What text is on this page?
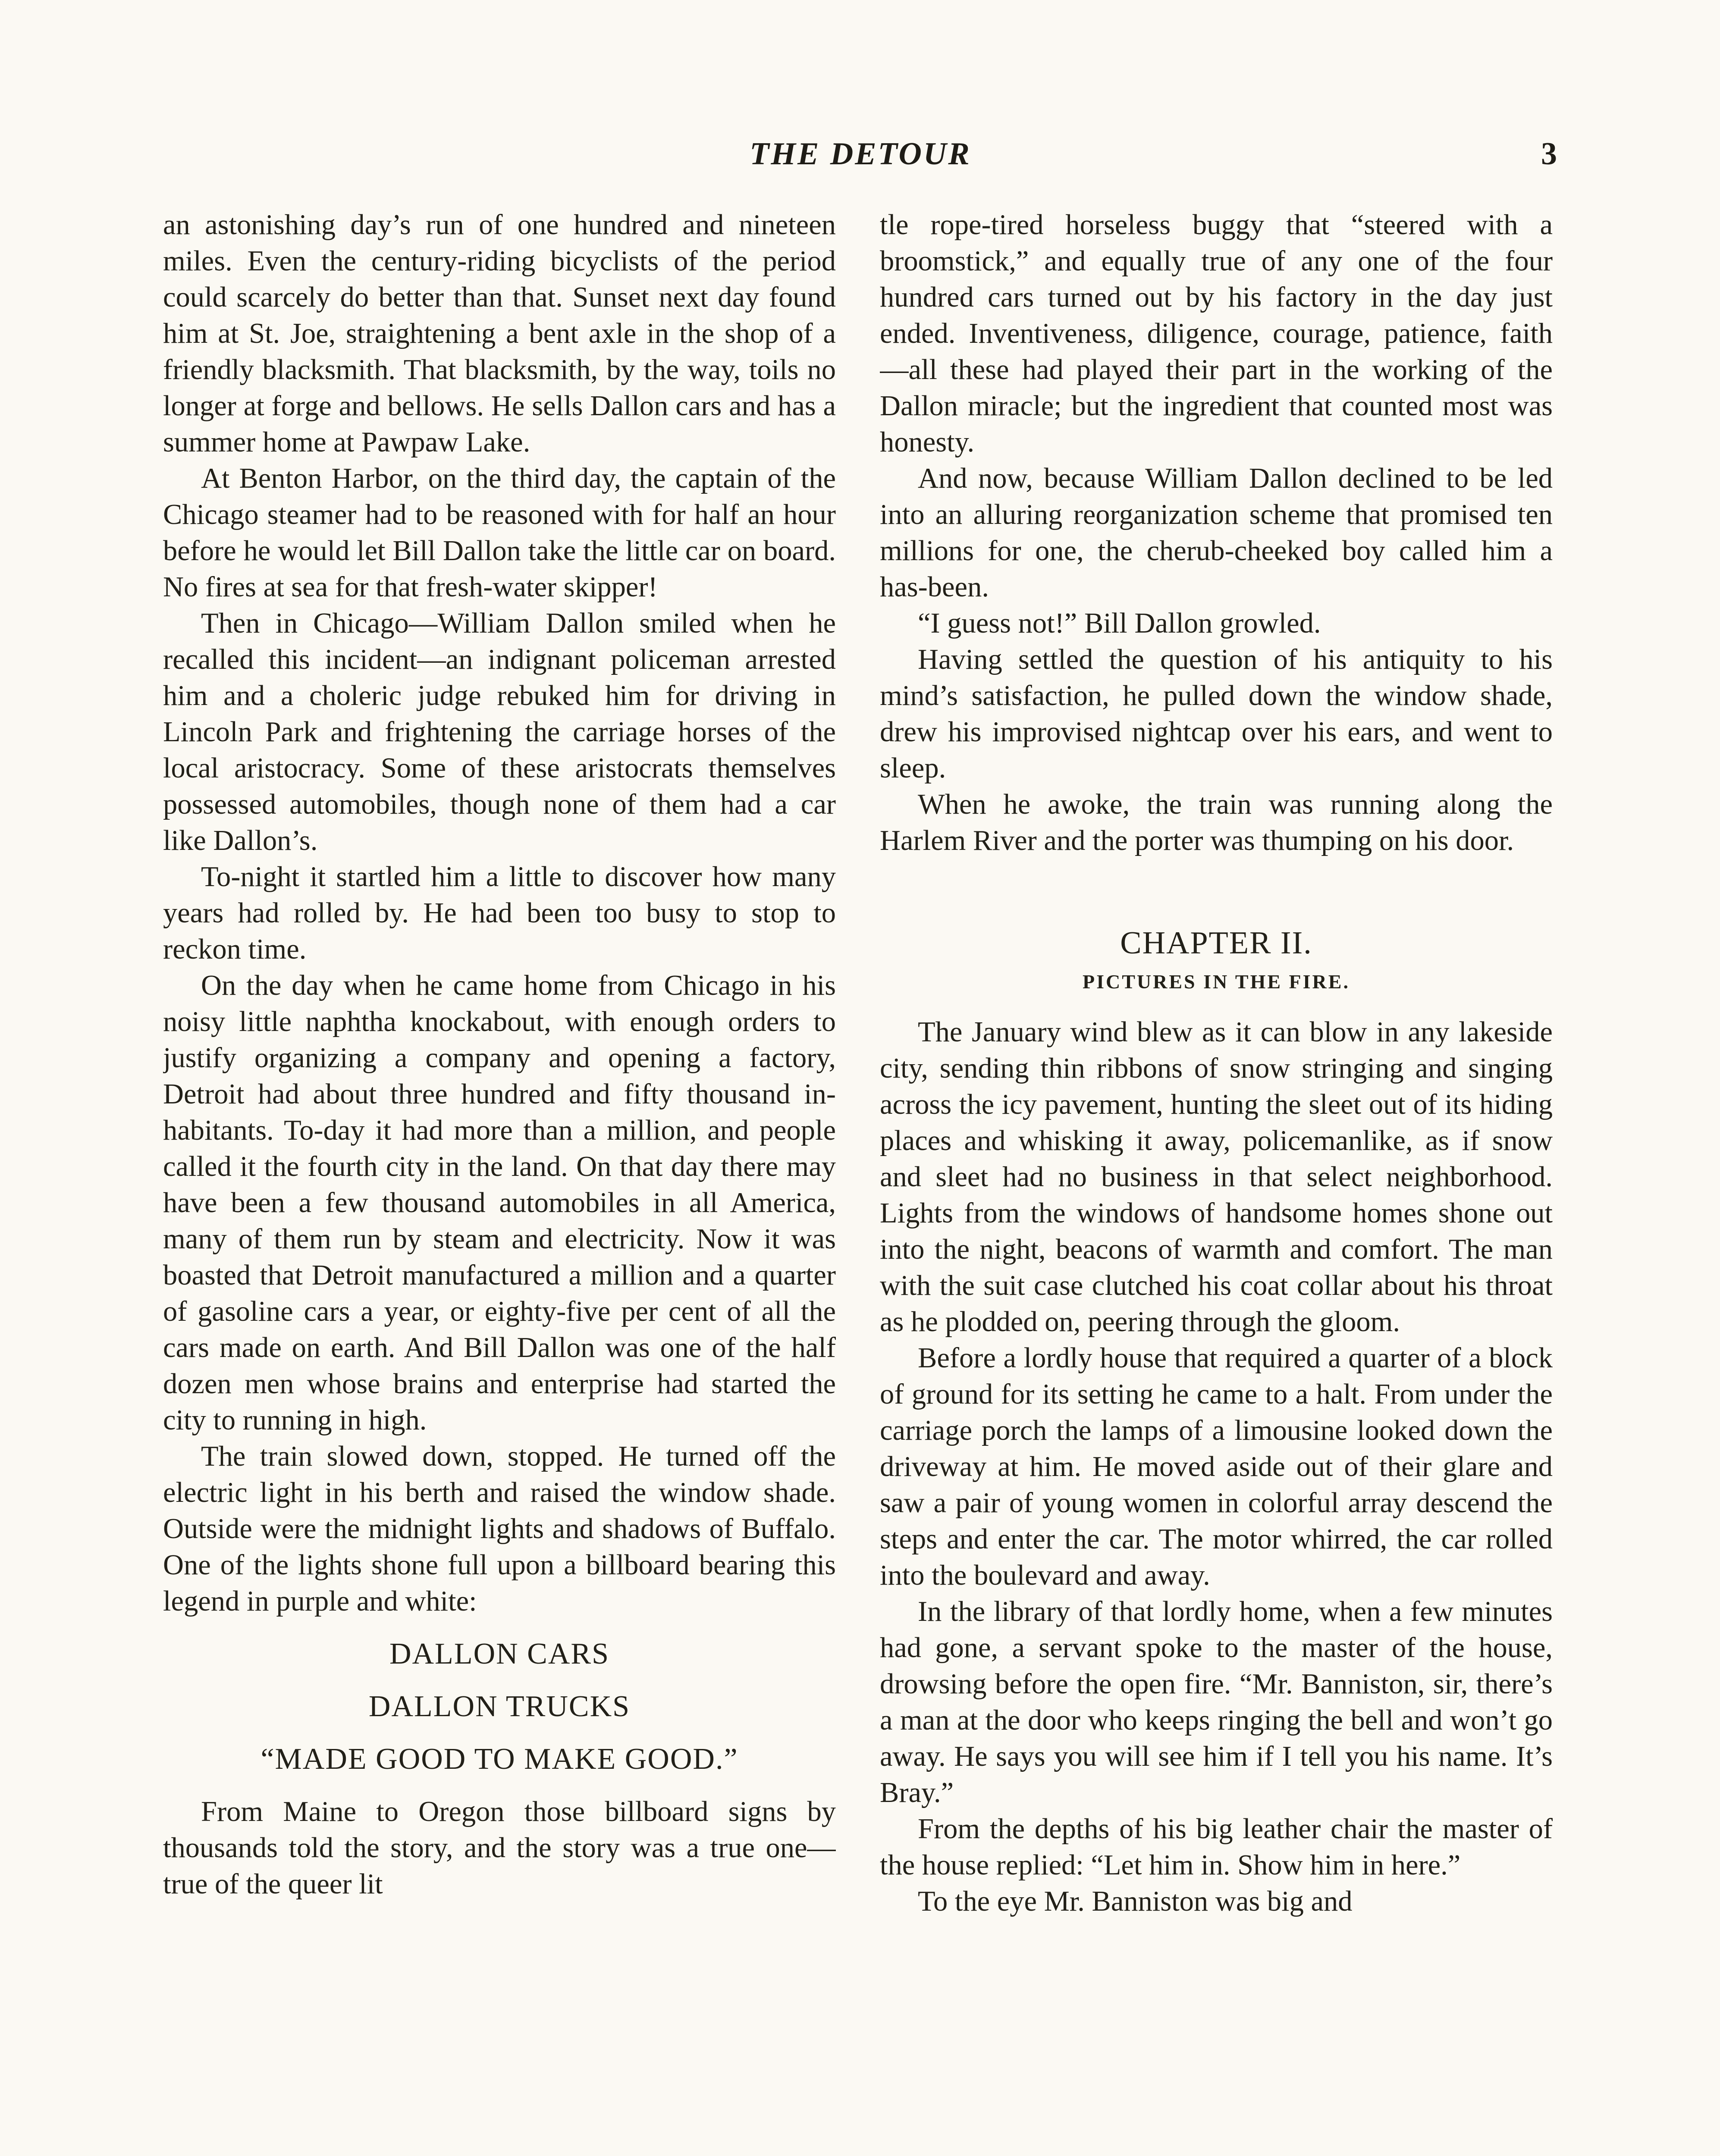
THE DETOUR	3

an astonishing day’s run of one hundred and nineteen miles. Even the century-riding bicyclists of the period could scarcely do better than that. Sunset next day found him at St. Joe, straightening a bent axle in the shop of a friendly blacksmith. That blacksmith, by the way, toils no longer at forge and bellows. He sells Dallon cars and has a summer home at Pawpaw Lake.

At Benton Harbor, on the third day, the captain of the Chicago steamer had to be reasoned with for half an hour before he would let Bill Dallon take the little car on board. No fires at sea for that fresh-water skipper!

Then in Chicago—William Dallon smiled when he recalled this incident—an indignant policeman arrested him and a choleric judge rebuked him for driving in Lincoln Park and frightening the carriage horses of the local aristocracy. Some of these aristocrats themselves possessed automobiles, though none of them had a car like Dallon’s.

To-night it startled him a little to discover how many years had rolled by. He had been too busy to stop to reckon time.

On the day when he came home from Chicago in his noisy little naphtha knockabout, with enough orders to justify organizing a company and opening a factory, Detroit had about three hundred and fifty thousand inhabitants. To-day it had more than a million, and people called it the fourth city in the land. On that day there may have been a few thousand automobiles in all America, many of them run by steam and electricity. Now it was boasted that Detroit manufactured a million and a quarter of gasoline cars a year, or eighty-five per cent of all the cars made on earth. And Bill Dallon was one of the half dozen men whose brains and enterprise had started the city to running in high.

The train slowed down, stopped. He turned off the electric light in his berth and raised the window shade. Outside were the midnight lights and shadows of Buffalo. One of the lights shone full upon a billboard bearing this legend in purple and white:

DALLON CARS
DALLON TRUCKS
“MADE GOOD TO MAKE GOOD.”

From Maine to Oregon those billboard signs by thousands told the story, and the story was a true one—true of the queer lit

tle rope-tired horseless buggy that “steered with a broomstick,” and equally true of any one of the four hundred cars turned out by his factory in the day just ended. Inventiveness, diligence, courage, patience, faith —all these had played their part in the working of the Dallon miracle; but the ingredient that counted most was honesty.

And now, because William Dallon declined to be led into an alluring reorganization scheme that promised ten millions for one, the cherub-cheeked boy called him a has-been.

“I guess not!” Bill Dallon growled.

Having settled the question of his antiquity to his mind’s satisfaction, he pulled down the window shade, drew his improvised nightcap over his ears, and went to sleep.

When he awoke, the train was running along the Harlem River and the porter was thumping on his door.

CHAPTER II.
PICTURES IN THE FIRE.

The January wind blew as it can blow in any lakeside city, sending thin ribbons of snow stringing and singing across the icy pavement, hunting the sleet out of its hiding places and whisking it away, policemanlike, as if snow and sleet had no business in that select neighborhood. Lights from the windows of handsome homes shone out into the night, beacons of warmth and comfort. The man with the suit case clutched his coat collar about his throat as he plodded on, peering through the gloom.

Before a lordly house that required a quarter of a block of ground for its setting he came to a halt. From under the carriage porch the lamps of a limousine looked down the driveway at him. He moved aside out of their glare and saw a pair of young women in colorful array descend the steps and enter the car. The motor whirred, the car rolled into the boulevard and away.

In the library of that lordly home, when a few minutes had gone, a servant spoke to the master of the house, drowsing before the open fire. “Mr. Banniston, sir, there’s a man at the door who keeps ringing the bell and won’t go away. He says you will see him if I tell you his name. It’s Bray.”

From the depths of his big leather chair the master of the house replied: “Let him in. Show him in here.”

To the eye Mr. Banniston was big and
